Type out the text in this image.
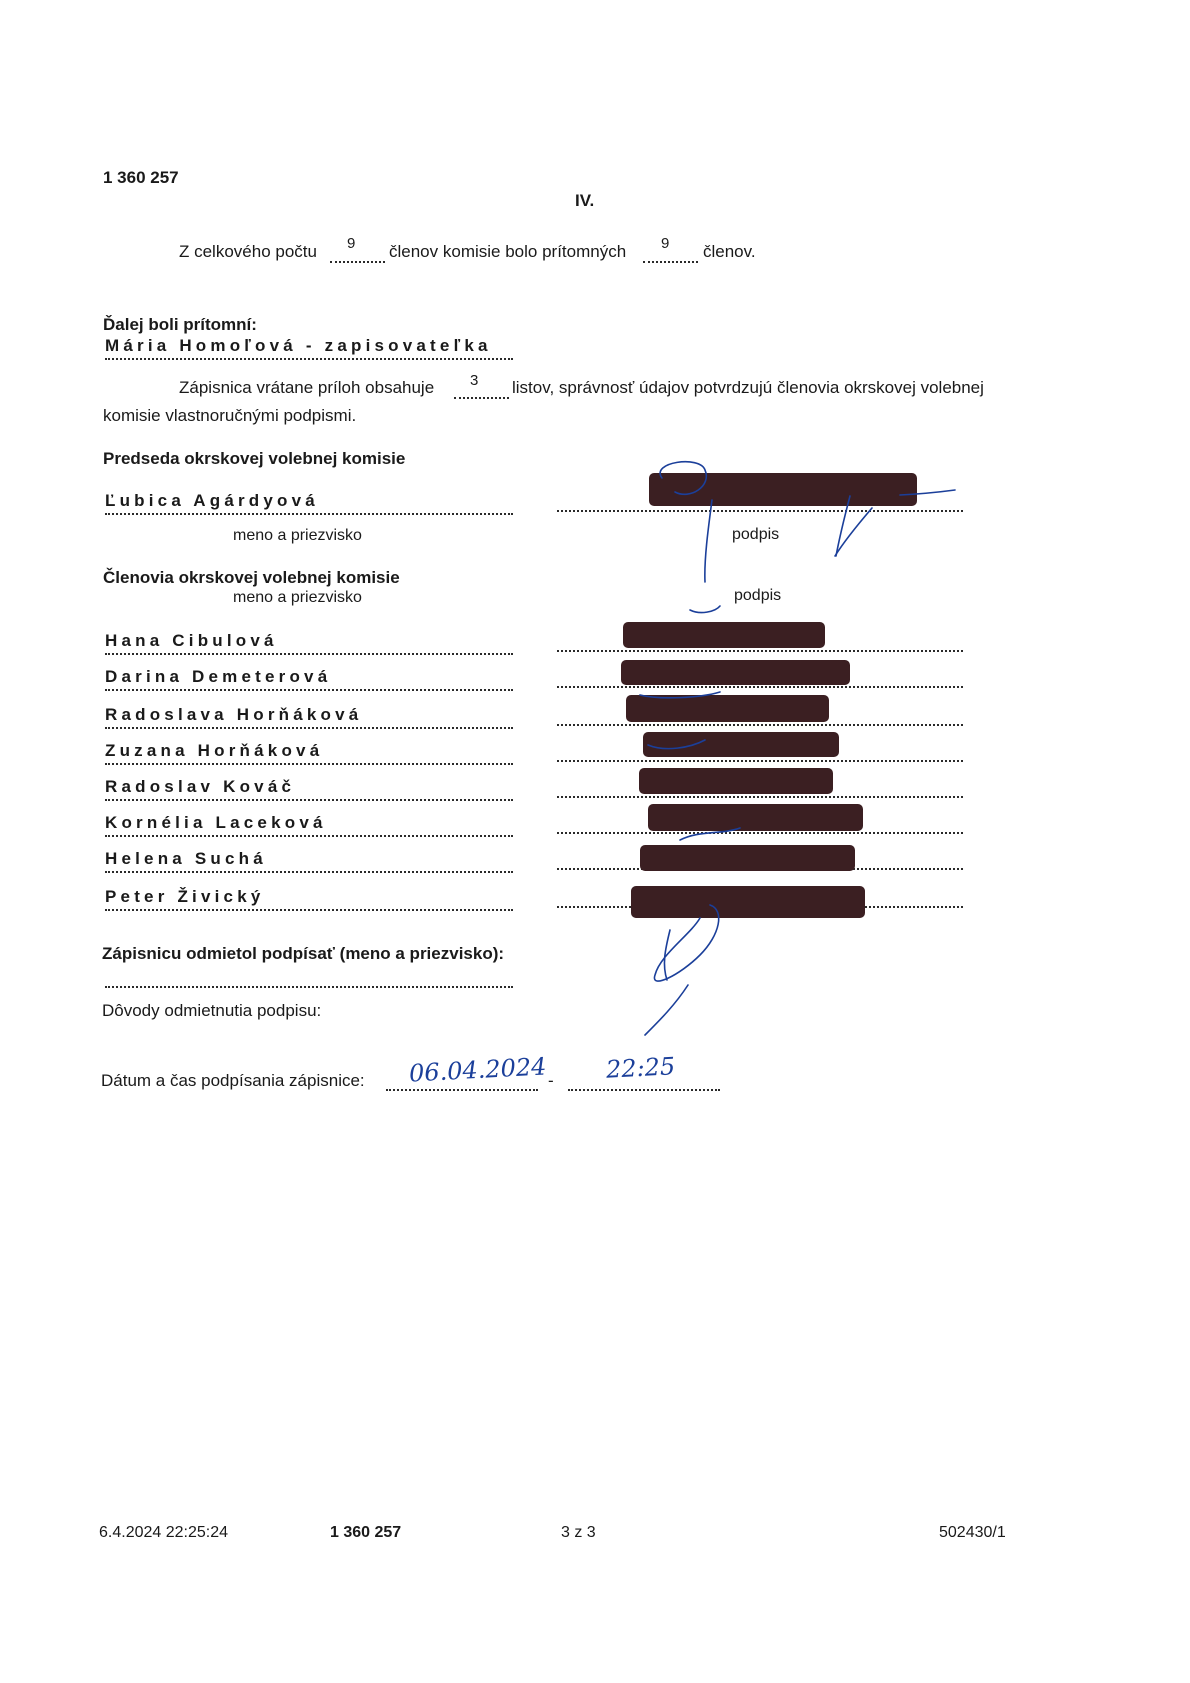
1 360 257
IV.
Z celkového počtu 9 členov komisie bolo prítomných 9 členov.
Ďalej boli prítomní:
Mária Homoľová - zapisovateľka
Zápisnica vrátane príloh obsahuje 3 listov, správnosť údajov potvrdzujú členovia okrskovej volebnej
komisie vlastnoručnými podpismi.
Predseda okrskovej volebnej komisie
Ľubica Agárdyová
meno a priezvisko	podpis
Členovia okrskovej volebnej komisie
meno a priezvisko	podpis
Hana Cibulová
Darina Demeterová
Radoslava Horňáková
Zuzana Horňáková
Radoslav Kováč
Kornélia Laceková
Helena Suchá
Peter Živický
Zápisnicu odmietol podpísať (meno a priezvisko):
Dôvody odmietnutia podpisu:
Dátum a čas podpísania zápisnice: 06.04.2024 - 22:25
6.4.2024 22:25:24	1 360 257	3 z 3	502430/1
